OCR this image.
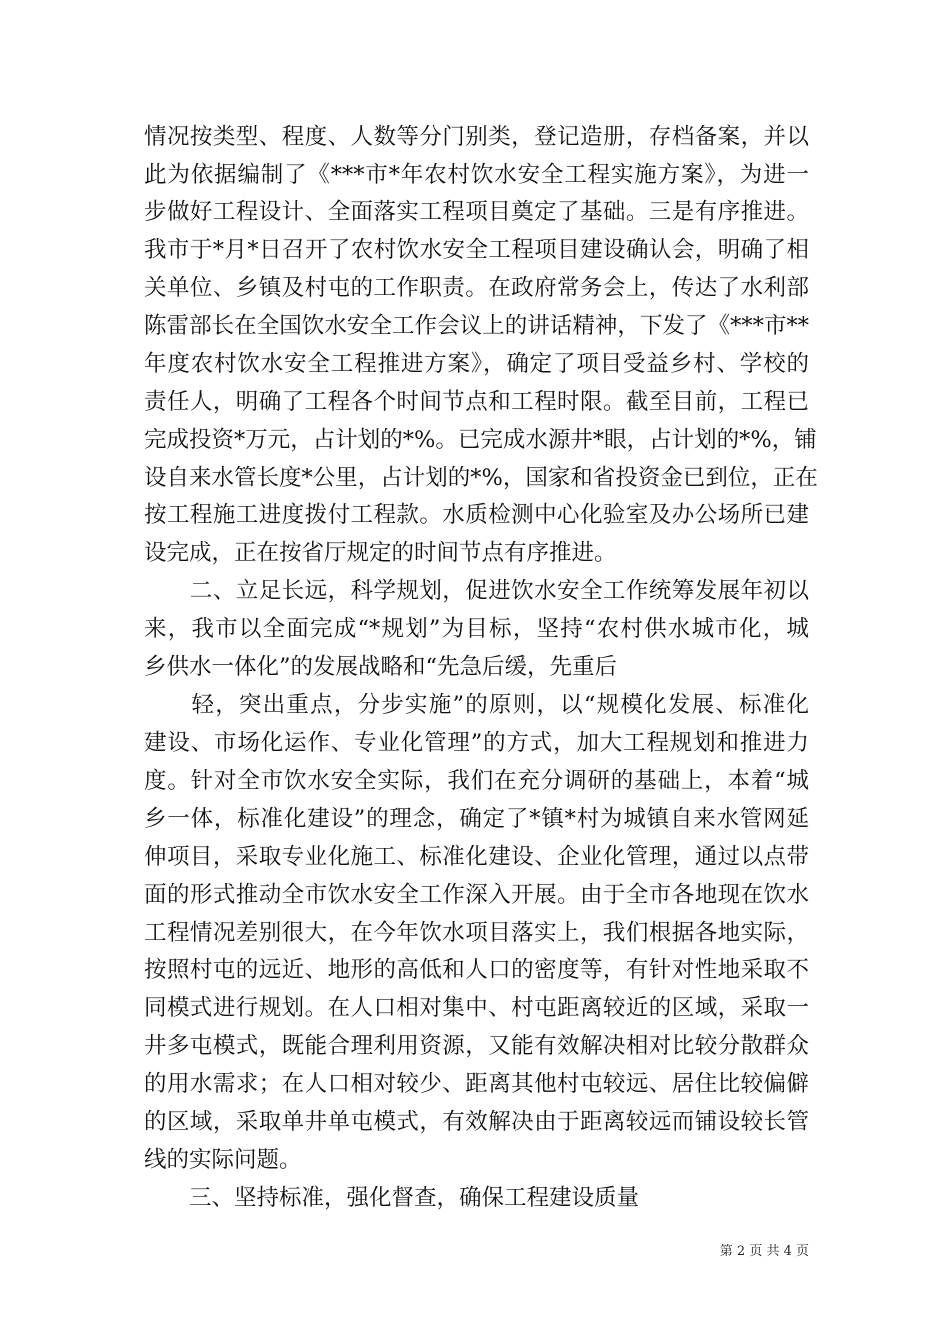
情况按类型、程度、人数等分门别类，登记造册，存档备案，并以
此为依据编制了《***市*年农村饮水安全工程实施方案》，为进一
步做好工程设计、全面落实工程项目奠定了基础。三是有序推进。
我市于*月*日召开了农村饮水安全工程项目建设确认会，明确了相
关单位、乡镇及村屯的工作职责。在政府常务会上，传达了水利部
陈雷部长在全国饮水安全工作会议上的讲话精神，下发了《***市**
年度农村饮水安全工程推进方案》，确定了项目受益乡村、学校的
责任人，明确了工程各个时间节点和工程时限。截至目前，工程已
完成投资*万元，占计划的*%。已完成水源井*眼，占计划的*%，铺
设自来水管长度*公里，占计划的*%，国家和省投资金已到位，正在
按工程施工进度拨付工程款。水质检测中心化验室及办公场所已建
设完成，正在按省厅规定的时间节点有序推进。
　　二、立足长远，科学规划，促进饮水安全工作统筹发展年初以
来，我市以全面完成“*规划”为目标，坚持“农村供水城市化，城
乡供水一体化”的发展战略和“先急后缓，先重后
　　轻，突出重点，分步实施”的原则，以“规模化发展、标准化
建设、市场化运作、专业化管理”的方式，加大工程规划和推进力
度。针对全市饮水安全实际，我们在充分调研的基础上，本着“城
乡一体，标准化建设”的理念，确定了*镇*村为城镇自来水管网延
伸项目，采取专业化施工、标准化建设、企业化管理，通过以点带
面的形式推动全市饮水安全工作深入开展。由于全市各地现在饮水
工程情况差别很大，在今年饮水项目落实上，我们根据各地实际，
按照村屯的远近、地形的高低和人口的密度等，有针对性地采取不
同模式进行规划。在人口相对集中、村屯距离较近的区域，采取一
井多屯模式，既能合理利用资源，又能有效解决相对比较分散群众
的用水需求；在人口相对较少、距离其他村屯较远、居住比较偏僻
的区域，采取单井单屯模式，有效解决由于距离较远而铺设较长管
线的实际问题。
　　三、坚持标准，强化督查，确保工程建设质量
第 2 页 共 4 页
